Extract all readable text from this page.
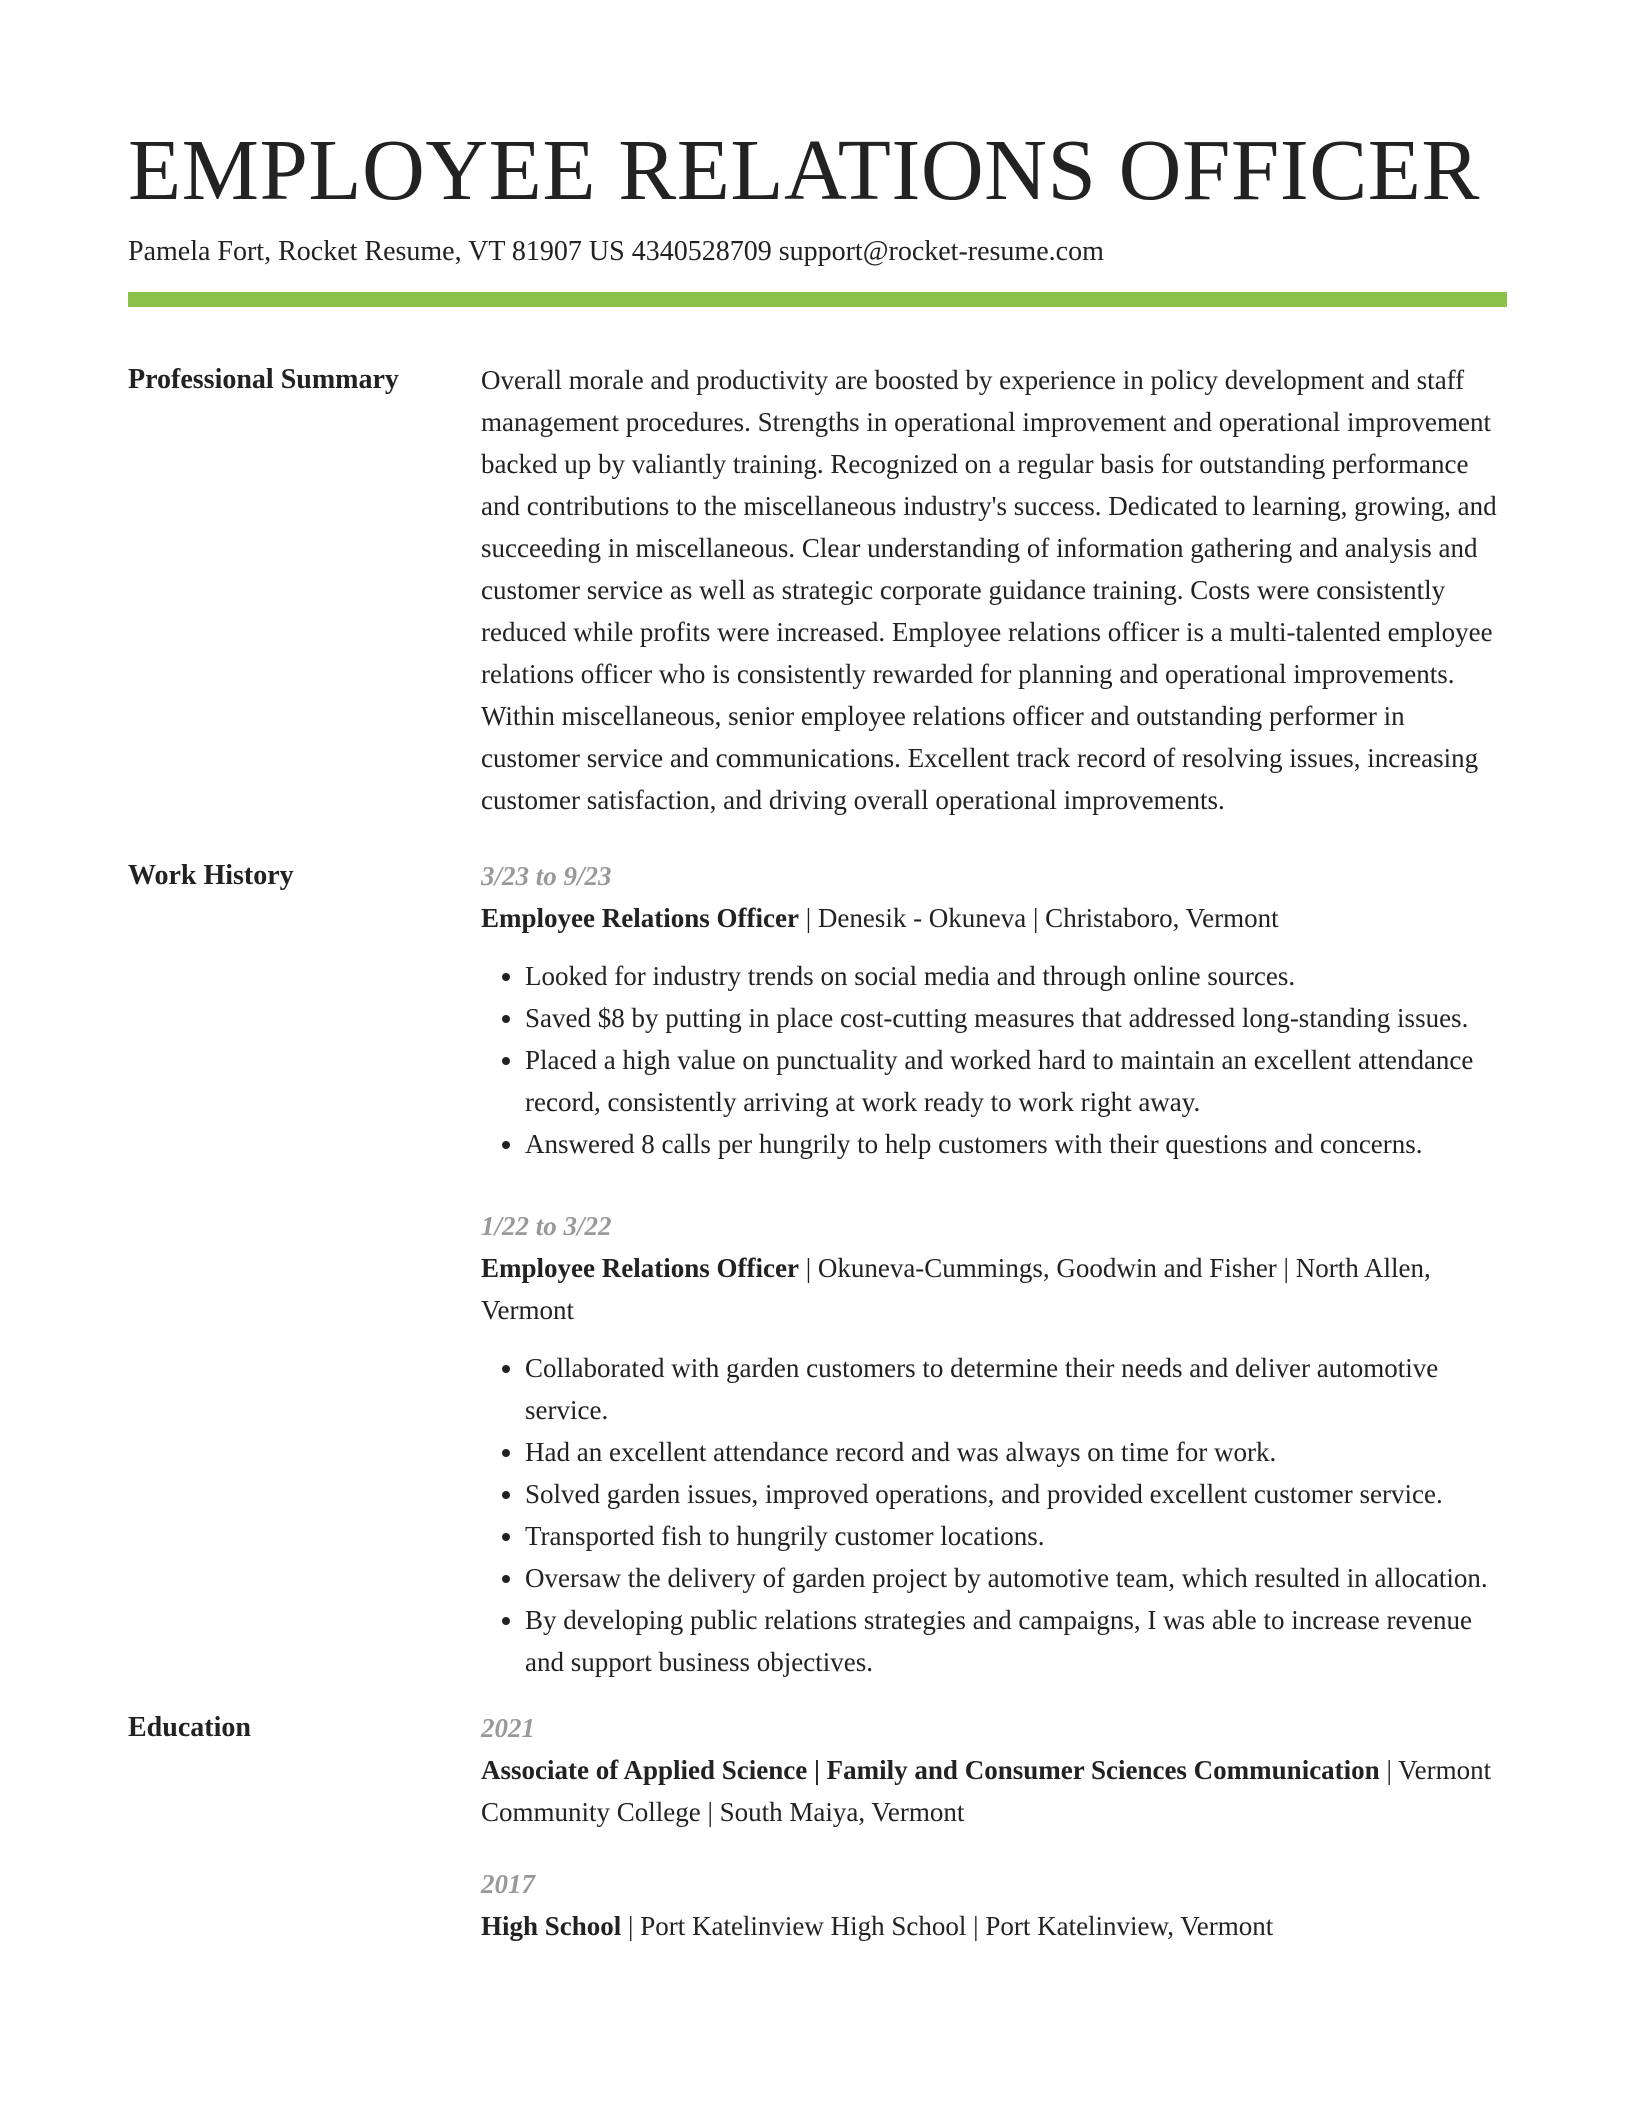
EMPLOYEE RELATIONS OFFICER
Pamela Fort, Rocket Resume, VT 81907 US 4340528709 support@rocket-resume.com
Professional Summary	Overall morale and productivity are boosted by experience in policy development and staff management procedures. Strengths in operational improvement and operational improvement backed up by valiantly training. Recognized on a regular basis for outstanding performance and contributions to the miscellaneous industry's success. Dedicated to learning, growing, and succeeding in miscellaneous. Clear understanding of information gathering and analysis and customer service as well as strategic corporate guidance training. Costs were consistently reduced while profits were increased. Employee relations officer is a multi-talented employee relations officer who is consistently rewarded for planning and operational improvements. Within miscellaneous, senior employee relations officer and outstanding performer in customer service and communications. Excellent track record of resolving issues, increasing customer satisfaction, and driving overall operational improvements.

Work History	3/23 to 9/23

Employee Relations Officer | Denesik - Okuneva | Christaboro, Vermont

• Looked for industry trends on social media and through online sources.
• Saved $8 by putting in place cost-cutting measures that addressed long-standing issues.
• Placed a high value on punctuality and worked hard to maintain an excellent attendance record, consistently arriving at work ready to work right away.
• Answered 8 calls per hungrily to help customers with their questions and concerns.
1/22 to 3/22

Employee Relations Officer | Okuneva-Cummings, Goodwin and Fisher | North Allen, Vermont

• Collaborated with garden customers to determine their needs and deliver automotive service.
• Had an excellent attendance record and was always on time for work.
• Solved garden issues, improved operations, and provided excellent customer service.
• Transported fish to hungrily customer locations.
• Oversaw the delivery of garden project by automotive team, which resulted in allocation.
• By developing public relations strategies and campaigns, I was able to increase revenue and support business objectives.
Education	2021

Associate of Applied Science | Family and Consumer Sciences Communication | Vermont Community College | South Maiya, Vermont

2017

High School | Port Katelinview High School | Port Katelinview, Vermont
